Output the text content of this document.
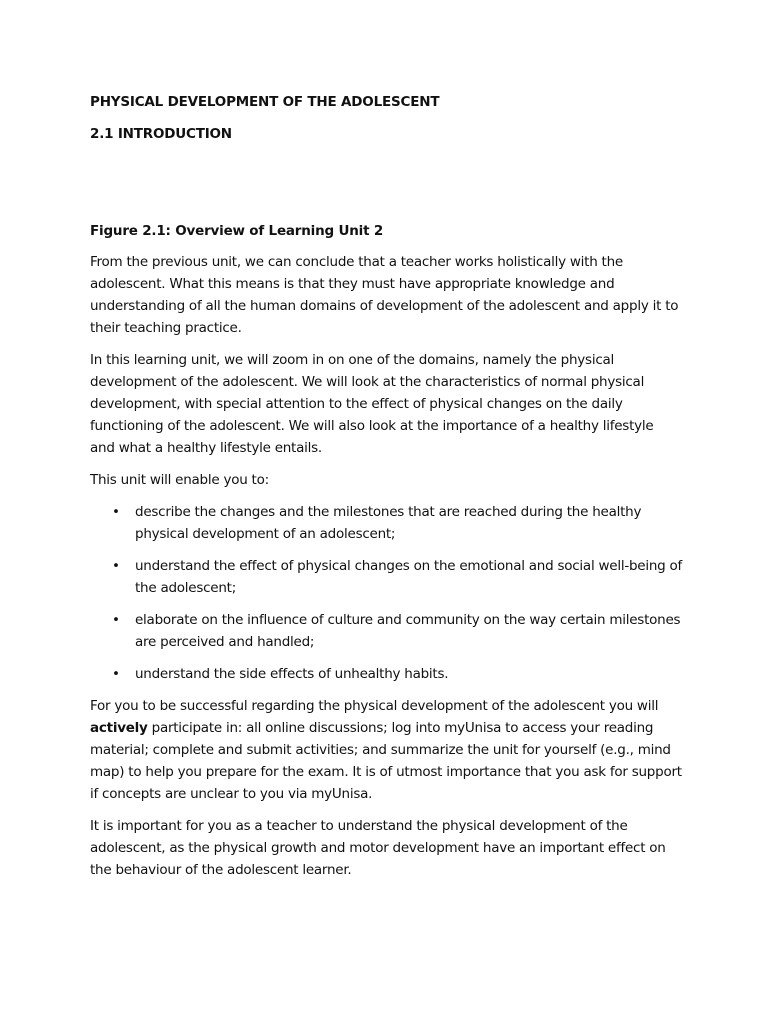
PHYSICAL DEVELOPMENT OF THE ADOLESCENT
2.1 INTRODUCTION
Figure 2.1: Overview of Learning Unit 2

From the previous unit, we can conclude that a teacher works holistically with the adolescent. What this means is that they must have appropriate knowledge and understanding of all the human domains of development of the adolescent and apply it to their teaching practice.

In this learning unit, we will zoom in on one of the domains, namely the physical development of the adolescent. We will look at the characteristics of normal physical development, with special attention to the effect of physical changes on the daily functioning of the adolescent. We will also look at the importance of a healthy lifestyle and what a healthy lifestyle entails.

This unit will enable you to:

• describe the changes and the milestones that are reached during the healthy physical development of an adolescent;
• understand the effect of physical changes on the emotional and social well-being of the adolescent;
• elaborate on the influence of culture and community on the way certain milestones are perceived and handled;
• understand the side effects of unhealthy habits.

For you to be successful regarding the physical development of the adolescent you will actively participate in: all online discussions; log into myUnisa to access your reading material; complete and submit activities; and summarize the unit for yourself (e.g., mind map) to help you prepare for the exam. It is of utmost importance that you ask for support if concepts are unclear to you via myUnisa.

It is important for you as a teacher to understand the physical development of the adolescent, as the physical growth and motor development have an important effect on the behaviour of the adolescent learner.
